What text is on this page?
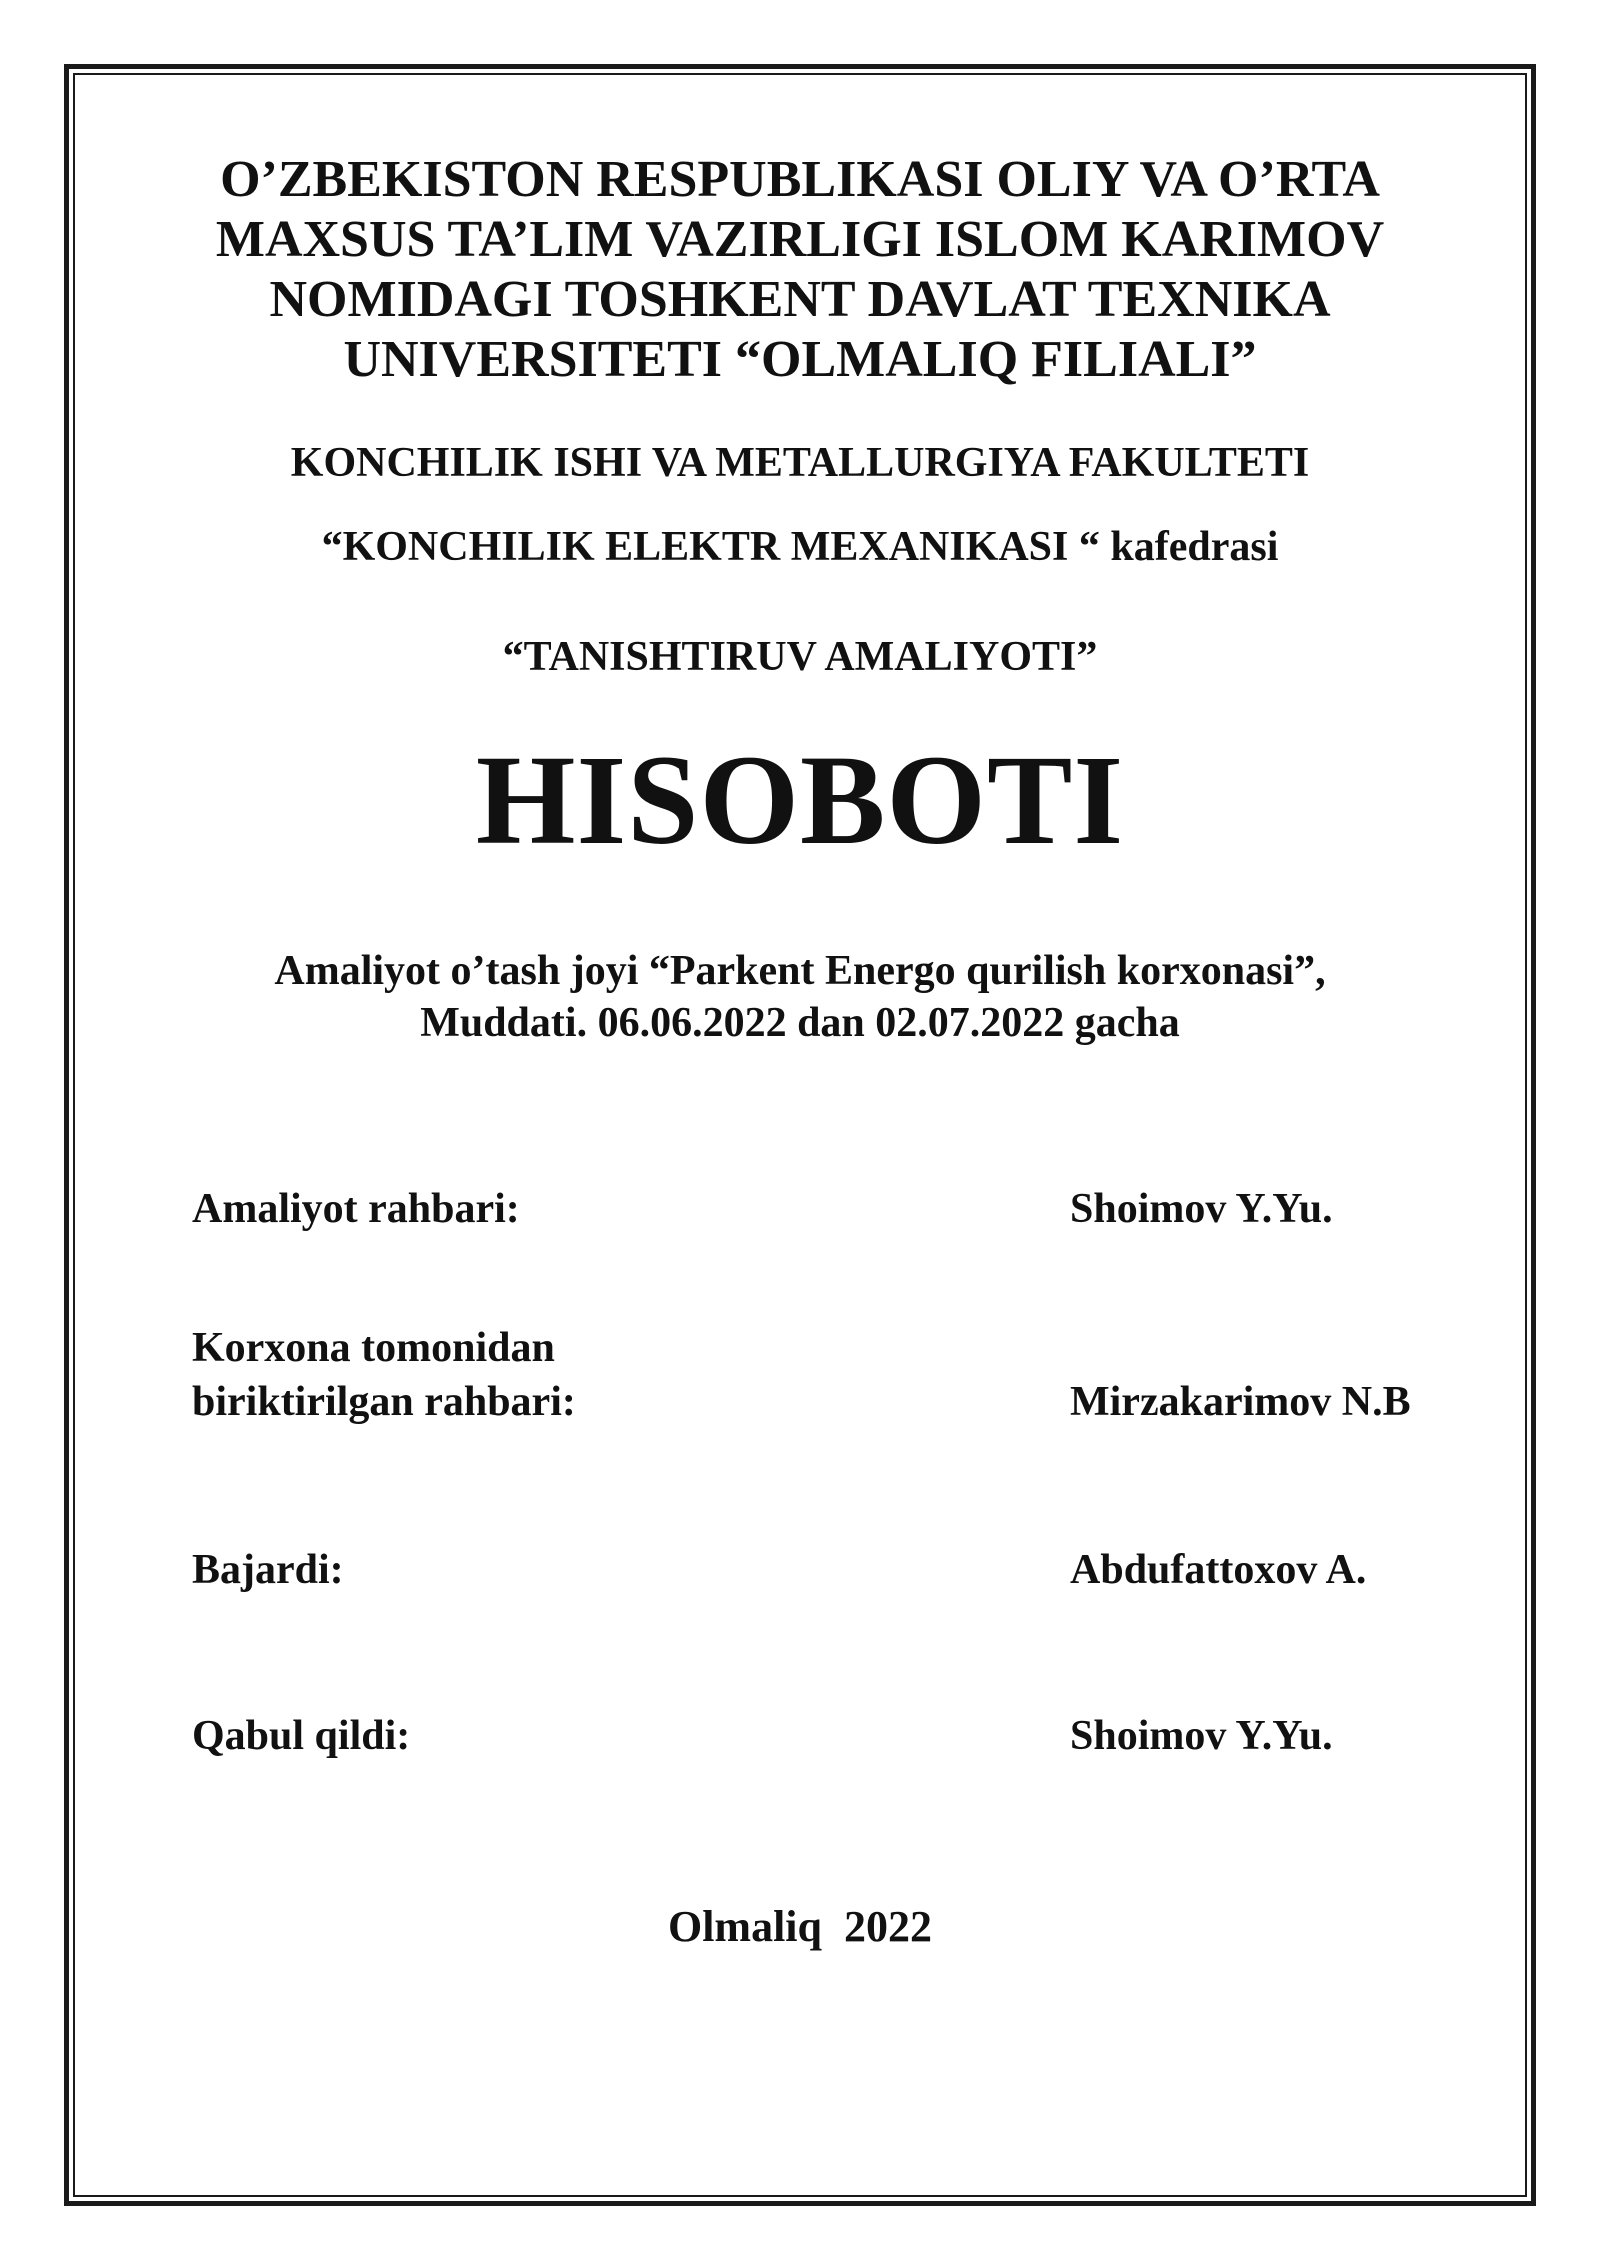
O’ZBEKISTON RESPUBLIKASI OLIY VA O’RTA
MAXSUS TA’LIM VAZIRLIGI ISLOM KARIMOV
NOMIDAGI TOSHKENT DAVLAT TEXNIKA
UNIVERSITETI “OLMALIQ FILIALI”
KONCHILIK ISHI VA METALLURGIYA FAKULTETI
“KONCHILIK ELEKTR MEXANIKASI “ kafedrasi
“TANISHTIRUV AMALIYOTI”
HISOBOTI
Amaliyot o’tash joyi “Parkent Energo qurilish korxonasi”,
Muddati. 06.06.2022 dan 02.07.2022 gacha
Amaliyot rahbari:	Shoimov Y.Yu.
Korxona tomonidan
biriktirilgan rahbari:	Mirzakarimov N.B
Bajardi:	Abdufattoxov A.
Qabul qildi:	Shoimov Y.Yu.
Olmaliq  2022
